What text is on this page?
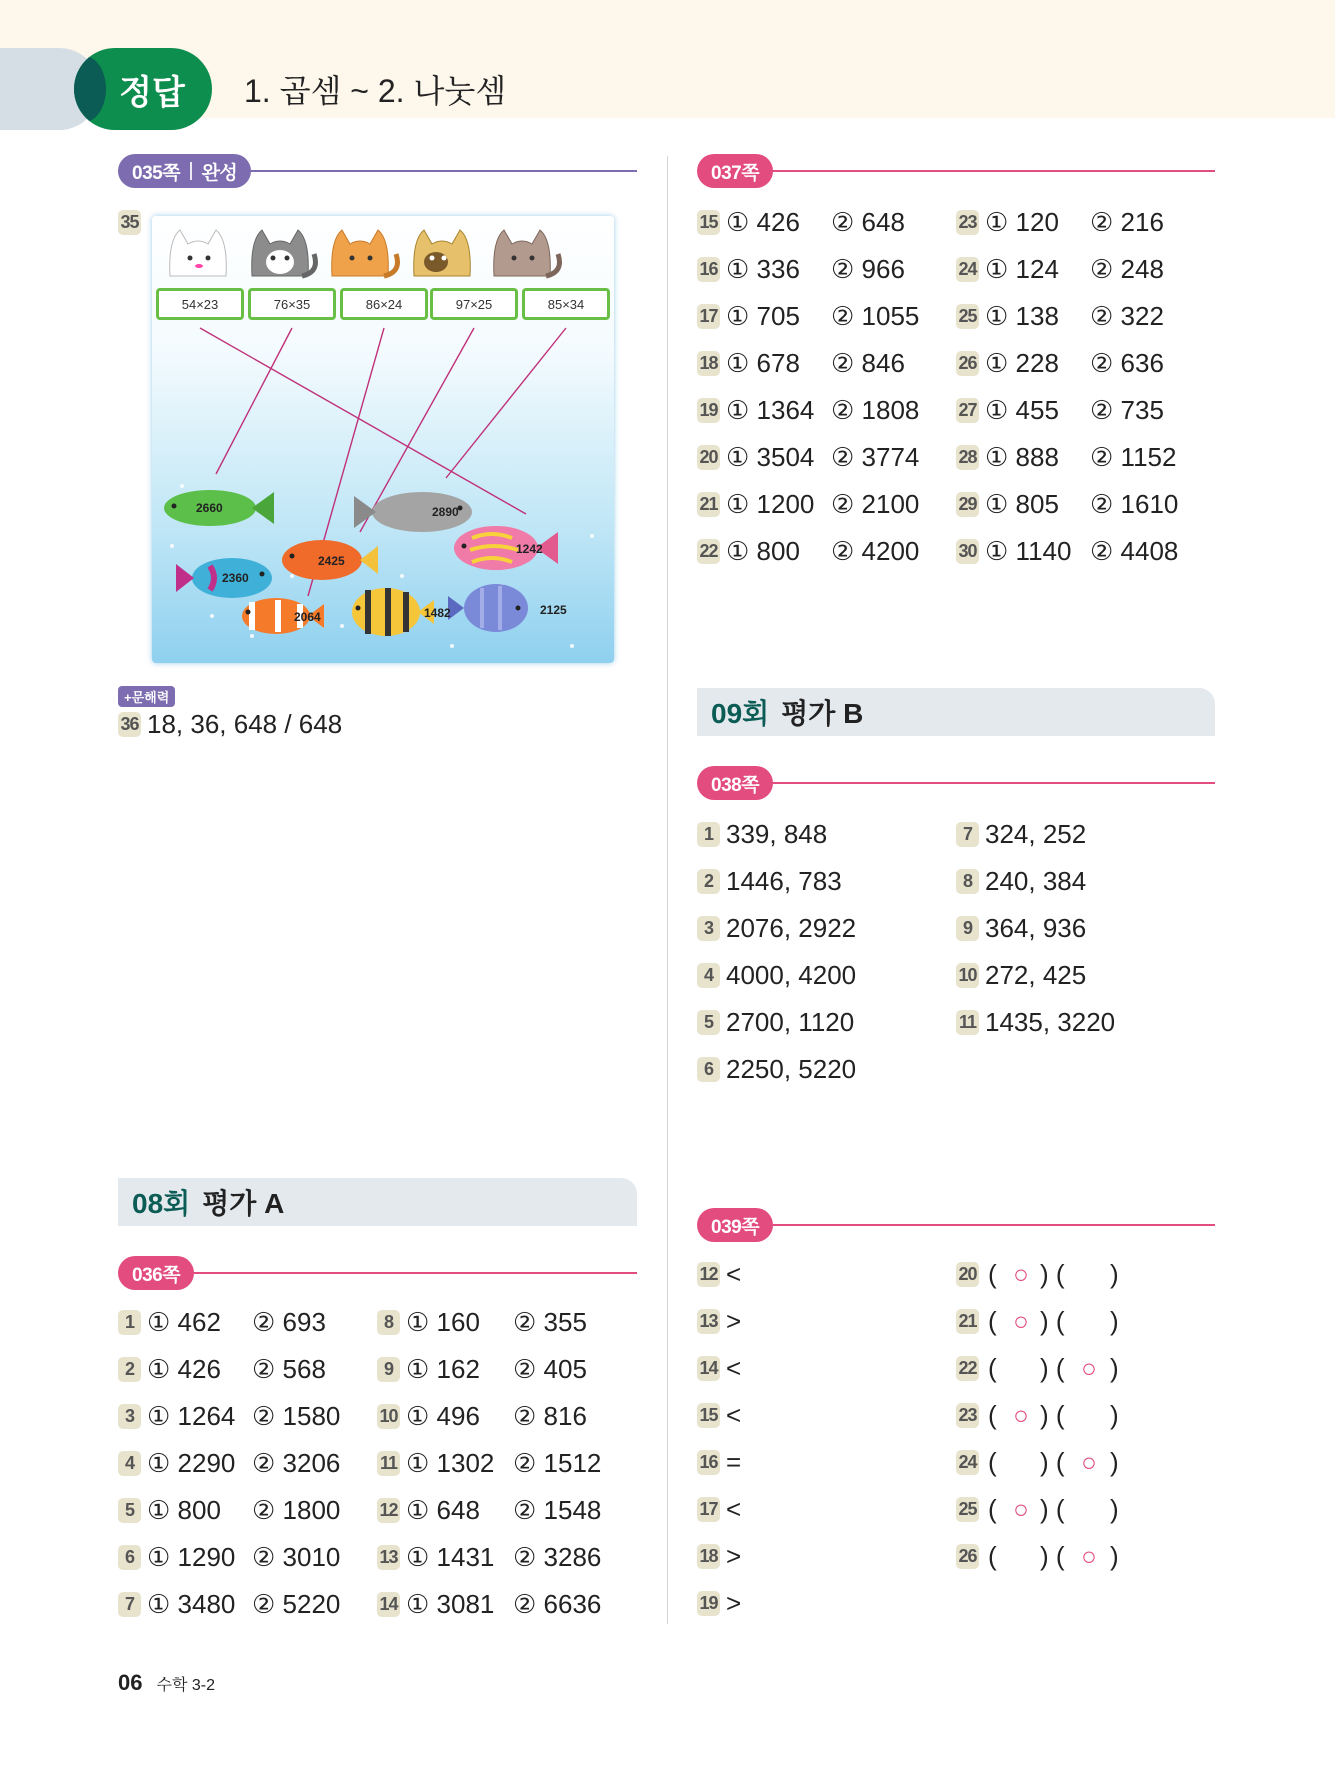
정답 1. 곱셈 ~ 2. 나눗셈
035쪽 완성
35
54×23	76×35	86×24	97×25	85×34
2660	2890
1242
2360
2425
2064	1482	2125
+문해력
36 18, 36, 648 / 648
08회 평가 A
036쪽
1 ① 462 ② 693
2 ① 426 ② 568
3 ① 1264 ② 1580
4 ① 2290 ② 3206
5 ① 800 ② 1800
6 ① 1290 ② 3010
7 ① 3480 ② 5220
8 ① 160 ② 355
9 ① 162 ② 405
10 ① 496 ② 816
11 ① 1302 ② 1512
12 ① 648 ② 1548
13 ① 1431 ② 3286
14 ① 3081 ② 6636
037쪽
15 ① 426 ② 648
16 ① 336 ② 966
17 ① 705 ② 1055
18 ① 678 ② 846
19 ① 1364 ② 1808
20 ① 3504 ② 3774
21 ① 1200 ② 2100
22 ① 800 ② 4200
23 ① 120 ② 216
24 ① 124 ② 248
25 ① 138 ② 322
26 ① 228 ② 636
27 ① 455 ② 735
28 ① 888 ② 1152
29 ① 805 ② 1610
30 ① 1140 ② 4408
09회 평가 B
038쪽
1 339, 848
2 1446, 783
3 2076, 2922
4 4000, 4200
5 2700, 1120
6 2250, 5220
7 324, 252
8 240, 384
9 364, 936
10 272, 425
11 1435, 3220
039쪽
12 <
13 >
14 <
15 <
16 =
17 <
18 >
19 >
20 ( ○ ) ( )
21 ( ○ ) ( )
22 ( ) ( ○ )
23 ( ○ ) ( )
24 ( ) ( ○ )
25 ( ○ ) ( )
26 ( ) ( ○ )
06 수학 3-2
